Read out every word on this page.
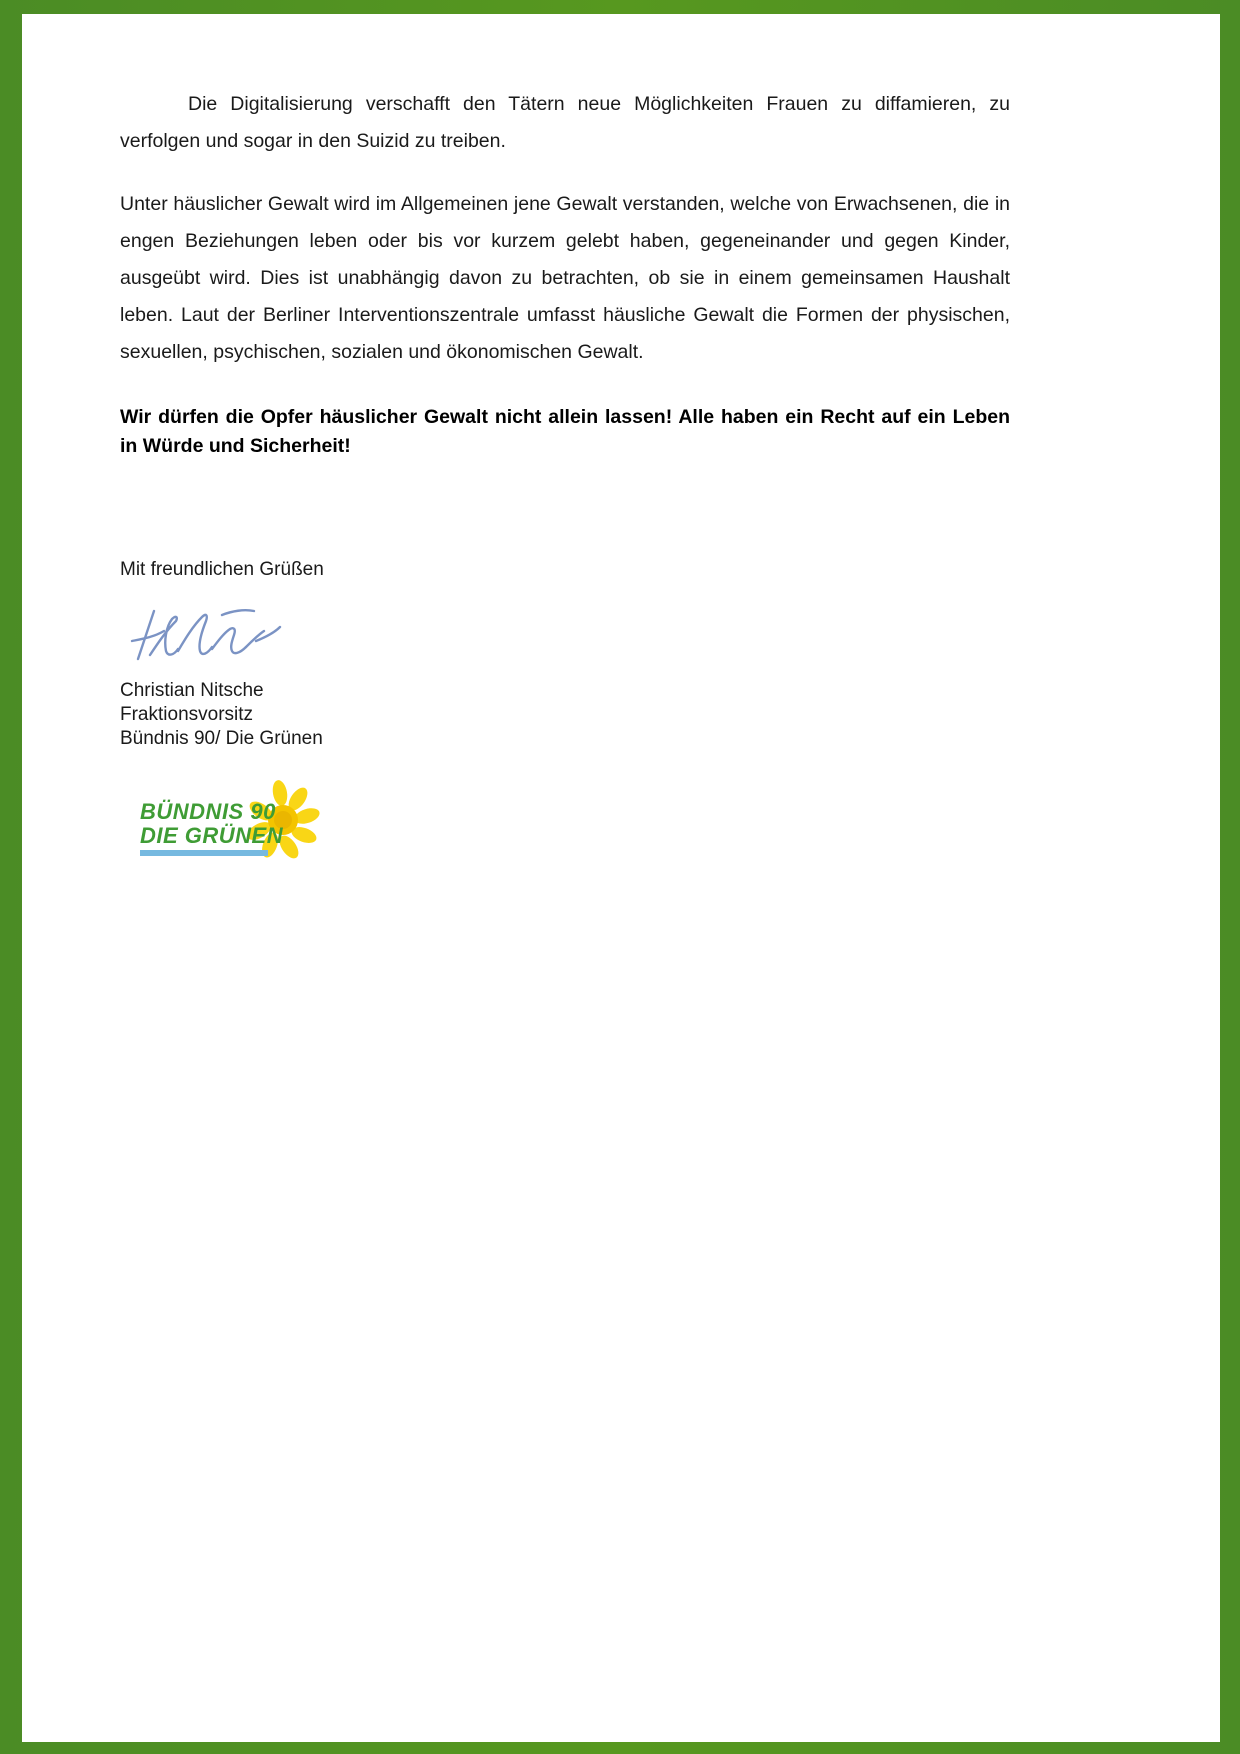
Die Digitalisierung verschafft den Tätern neue Möglichkeiten Frauen zu diffamieren, zu verfolgen und sogar in den Suizid zu treiben.

Unter häuslicher Gewalt wird im Allgemeinen jene Gewalt verstanden, welche von Erwachsenen, die in engen Beziehungen leben oder bis vor kurzem gelebt haben, gegeneinander und gegen Kinder, ausgeübt wird. Dies ist unabhängig davon zu betrachten, ob sie in einem gemeinsamen Haushalt leben. Laut der Berliner Interventionszentrale umfasst häusliche Gewalt die Formen der physischen, sexuellen, psychischen, sozialen und ökonomischen Gewalt.

Wir dürfen die Opfer häuslicher Gewalt nicht allein lassen! Alle haben ein Recht auf ein Leben in Würde und Sicherheit!

Mit freundlichen Grüßen

Christian Nitsche
Fraktionsvorsitz
Bündnis 90/ Die Grünen
BÜNDNIS 90
DIE GRÜNEN
